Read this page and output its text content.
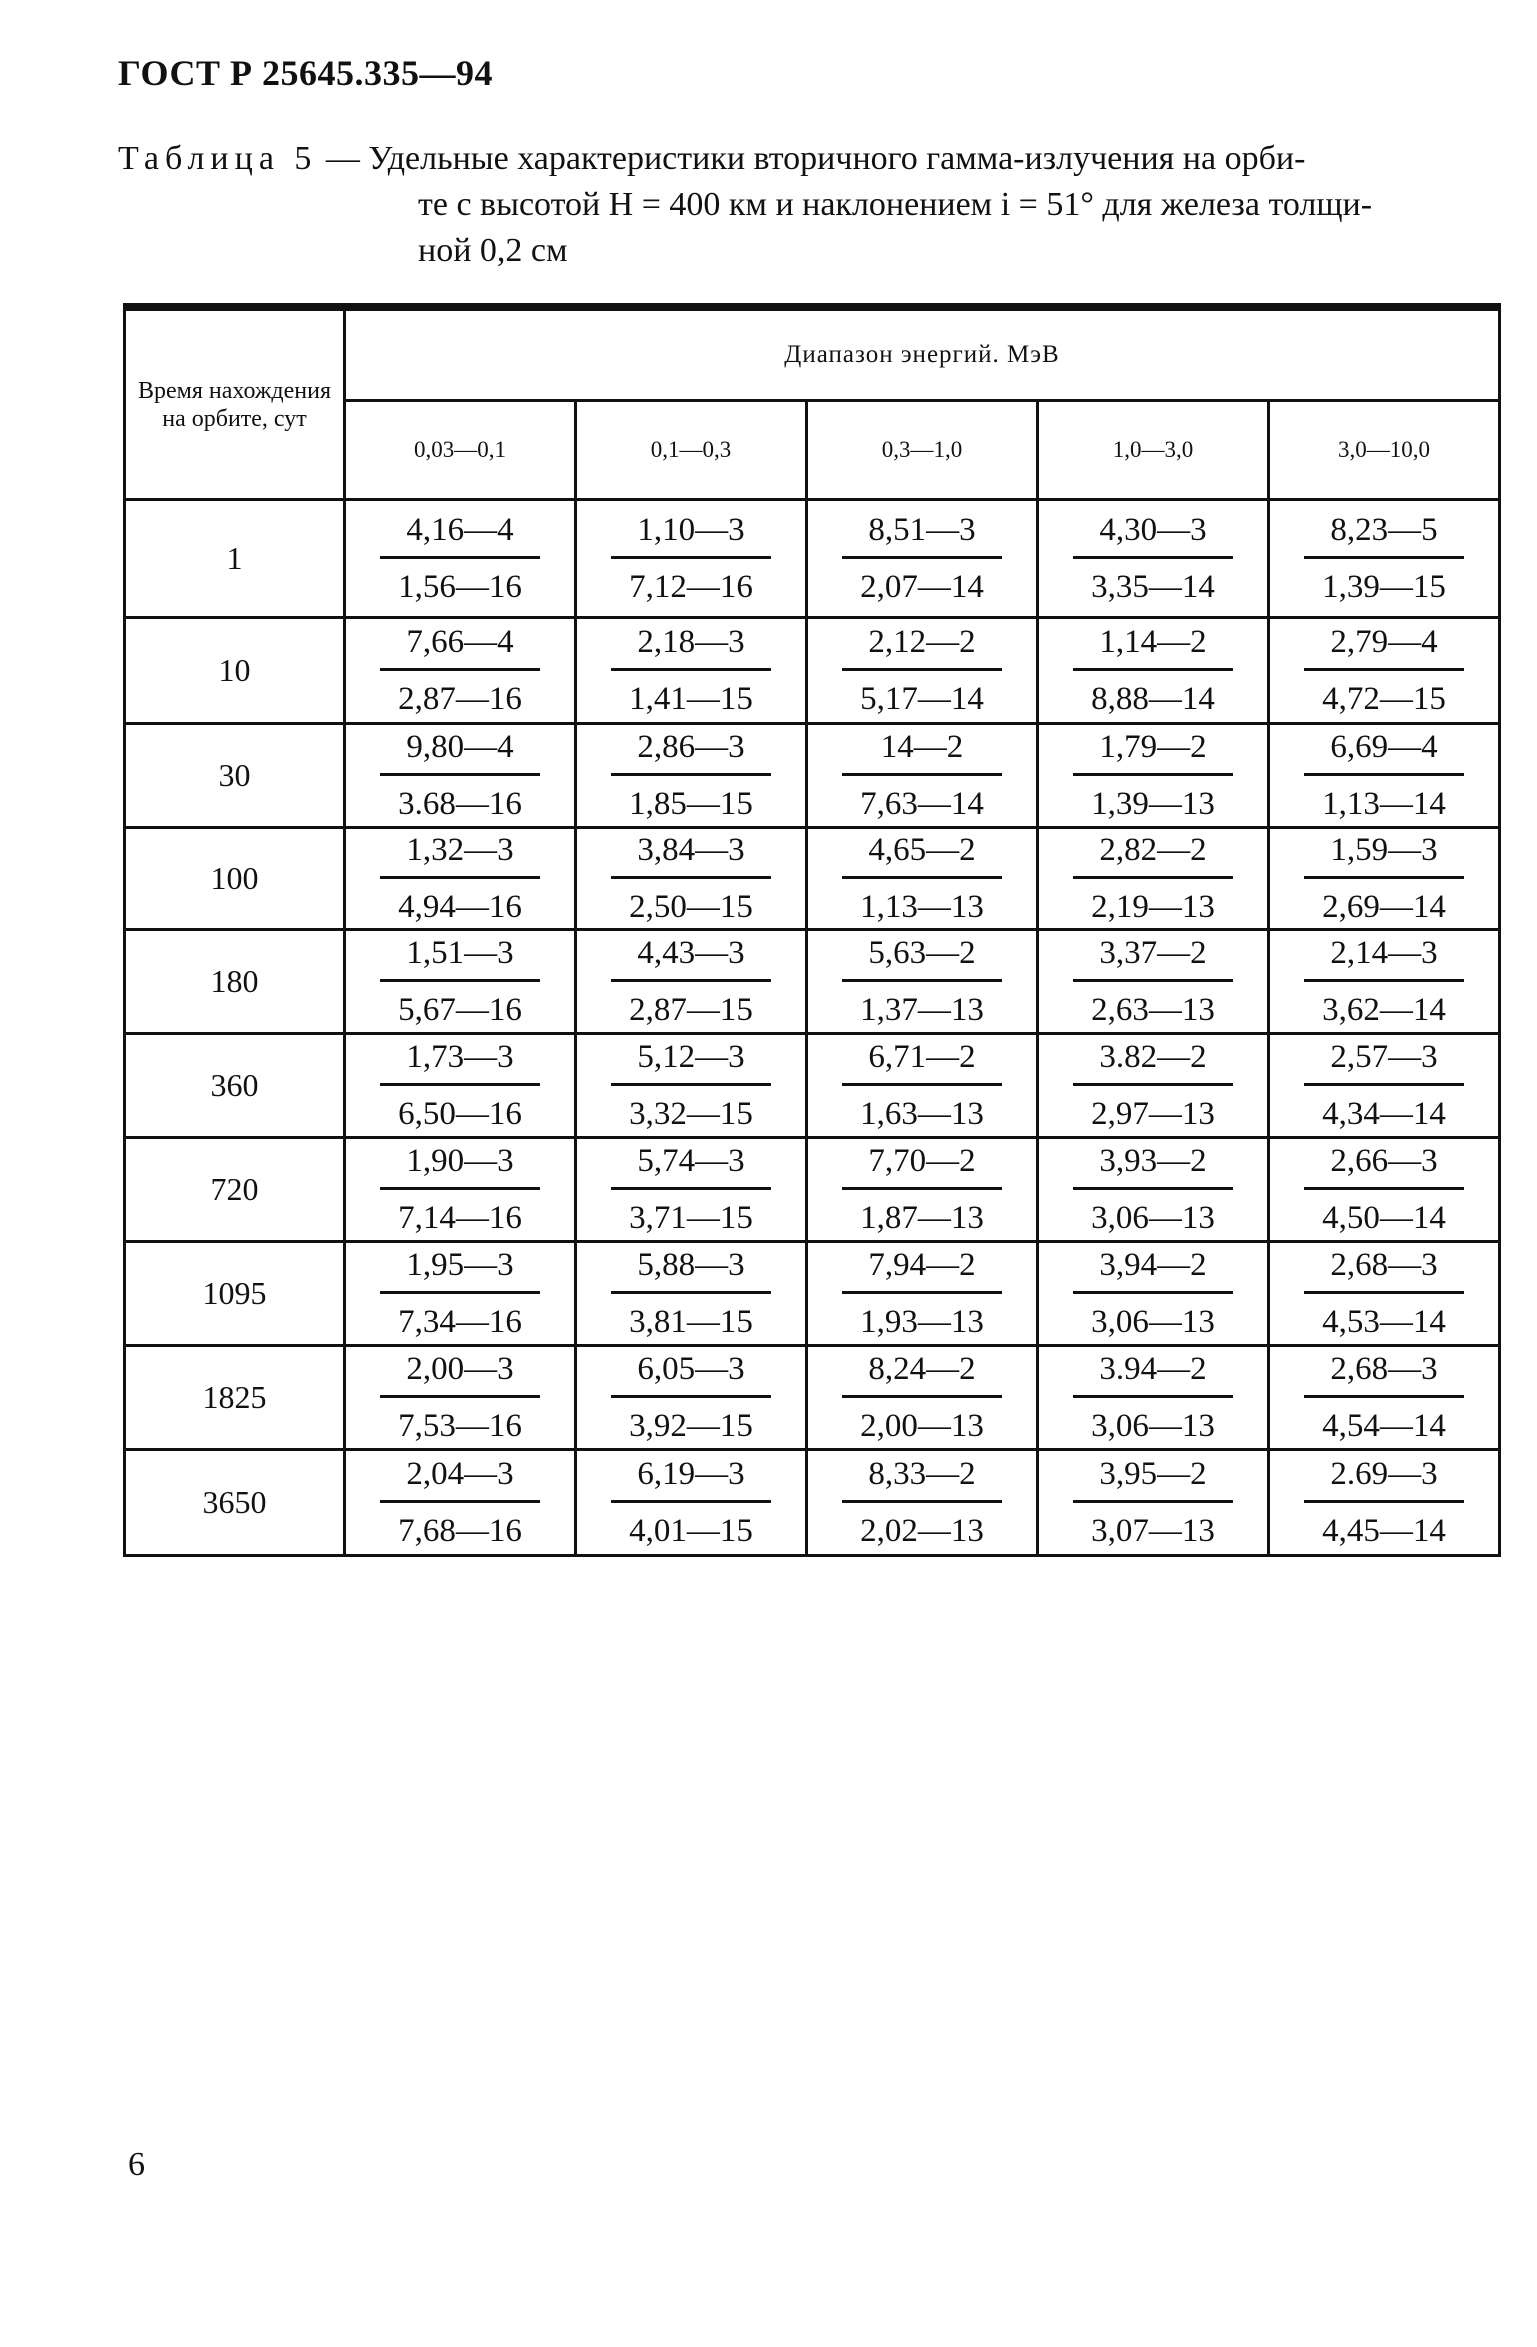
ГОСТ Р 25645.335—94
Таблица 5 — Удельные характеристики вторичного гамма-излучения на орби-
те с высотой H = 400 км и наклонением i = 51° для железа толщи-
ной 0,2 см
Время нахождения на орбите, сут	Диапазон энергий. МэВ				
	0,03—0,1	0,1—0,3	0,3—1,0	1,0—3,0	3,0—10,0
1	$\frac{4,16—4}{1,56—16}$	$\frac{1,10—3}{7,12—16}$	$\frac{8,51—3}{2,07—14}$	$\frac{4,30—3}{3,35—14}$	$\frac{8,23—5}{1,39—15}$

10	$\frac{7,66—4}{2,87—16}$	$\frac{2,18—3}{1,41—15}$	$\frac{2,12—2}{5,17—14}$	$\frac{1,14—2}{8,88—14}$	$\frac{2,79—4}{4,72—15}$

30	$\frac{9,80—4}{3.68—16}$	$\frac{2,86—3}{1,85—15}$	$\frac{14—2}{7,63—14}$	$\frac{1,79—2}{1,39—13}$	$\frac{6,69—4}{1,13—14}$

100	$\frac{1,32—3}{4,94—16}$	$\frac{3,84—3}{2,50—15}$	$\frac{4,65—2}{1,13—13}$	$\frac{2,82—2}{2,19—13}$	$\frac{1,59—3}{2,69—14}$

180	$\frac{1,51—3}{5,67—16}$	$\frac{4,43—3}{2,87—15}$	$\frac{5,63—2}{1,37—13}$	$\frac{3,37—2}{2,63—13}$	$\frac{2,14—3}{3,62—14}$

360	$\frac{1,73—3}{6,50—16}$	$\frac{5,12—3}{3,32—15}$	$\frac{6,71—2}{1,63—13}$	$\frac{3.82—2}{2,97—13}$	$\frac{2,57—3}{4,34—14}$

720	$\frac{1,90—3}{7,14—16}$	$\frac{5,74—3}{3,71—15}$	$\frac{7,70—2}{1,87—13}$	$\frac{3,93—2}{3,06—13}$	$\frac{2,66—3}{4,50—14}$

1095	$\frac{1,95—3}{7,34—16}$	$\frac{5,88—3}{3,81—15}$	$\frac{7,94—2}{1,93—13}$	$\frac{3,94—2}{3,06—13}$	$\frac{2,68—3}{4,53—14}$

1825	$\frac{2,00—3}{7,53—16}$	$\frac{6,05—3}{3,92—15}$	$\frac{8,24—2}{2,00—13}$	$\frac{3.94—2}{3,06—13}$	$\frac{2,68—3}{4,54—14}$

3650	$\frac{2,04—3}{7,68—16}$	$\frac{6,19—3}{4,01—15}$	$\frac{8,33—2}{2,02—13}$	$\frac{3,95—2}{3,07—13}$	$\frac{2.69—3}{4,45—14}$
6
